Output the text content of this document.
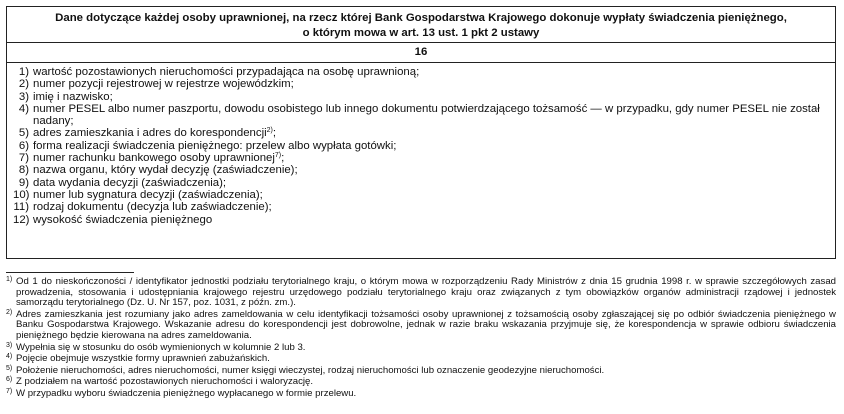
Dane dotyczące każdej osoby uprawnionej, na rzecz której Bank Gospodarstwa Krajowego dokonuje wypłaty świadczenia pieniężnego,
o którym mowa w art. 13 ust. 1 pkt 2 ustawy
16
1) wartość pozostawionych nieruchomości przypadająca na osobę uprawnioną;
2) numer pozycji rejestrowej w rejestrze wojewódzkim;
3) imię i nazwisko;
4) numer PESEL albo numer paszportu, dowodu osobistego lub innego dokumentu potwierdzającego tożsamość — w przypadku, gdy numer PESEL nie został nadany;
5) adres zamieszkania i adres do korespondencji$^{2)}$;
6) forma realizacji świadczenia pieniężnego: przelew albo wypłata gotówki;
7) numer rachunku bankowego osoby uprawnionej$^{7)}$;
8) nazwa organu, który wydał decyzję (zaświadczenie);
9) data wydania decyzji (zaświadczenia);
10) numer lub sygnatura decyzji (zaświadczenia);
11) rodzaj dokumentu (decyzja lub zaświadczenie);
12) wysokość świadczenia pieniężnego
1) Od 1 do nieskończoności / identyfikator jednostki podziału terytorialnego kraju, o którym mowa w rozporządzeniu Rady Ministrów z dnia 15 grudnia 1998 r. w sprawie szczegółowych zasad prowadzenia, stosowania i udostępniania krajowego rejestru urzędowego podziału terytorialnego kraju oraz związanych z tym obowiązków organów administracji rządowej i jednostek samorządu terytorialnego (Dz. U. Nr 157, poz. 1031, z późn. zm.).
2) Adres zamieszkania jest rozumiany jako adres zameldowania w celu identyfikacji tożsamości osoby uprawnionej z tożsamością osoby zgłaszającej się po odbiór świadczenia pieniężnego w Banku Gospodarstwa Krajowego. Wskazanie adresu do korespondencji jest dobrowolne, jednak w razie braku wskazania przyjmuje się, że korespondencja w sprawie odbioru świadczenia pieniężnego będzie kierowana na adres zameldowania.
3) Wypełnia się w stosunku do osób wymienionych w kolumnie 2 lub 3.
4) Pojęcie obejmuje wszystkie formy uprawnień zabużańskich.
5) Położenie nieruchomości, adres nieruchomości, numer księgi wieczystej, rodzaj nieruchomości lub oznaczenie geodezyjne nieruchomości.
6) Z podziałem na wartość pozostawionych nieruchomości i waloryzację.
7) W przypadku wyboru świadczenia pieniężnego wypłacanego w formie przelewu.
